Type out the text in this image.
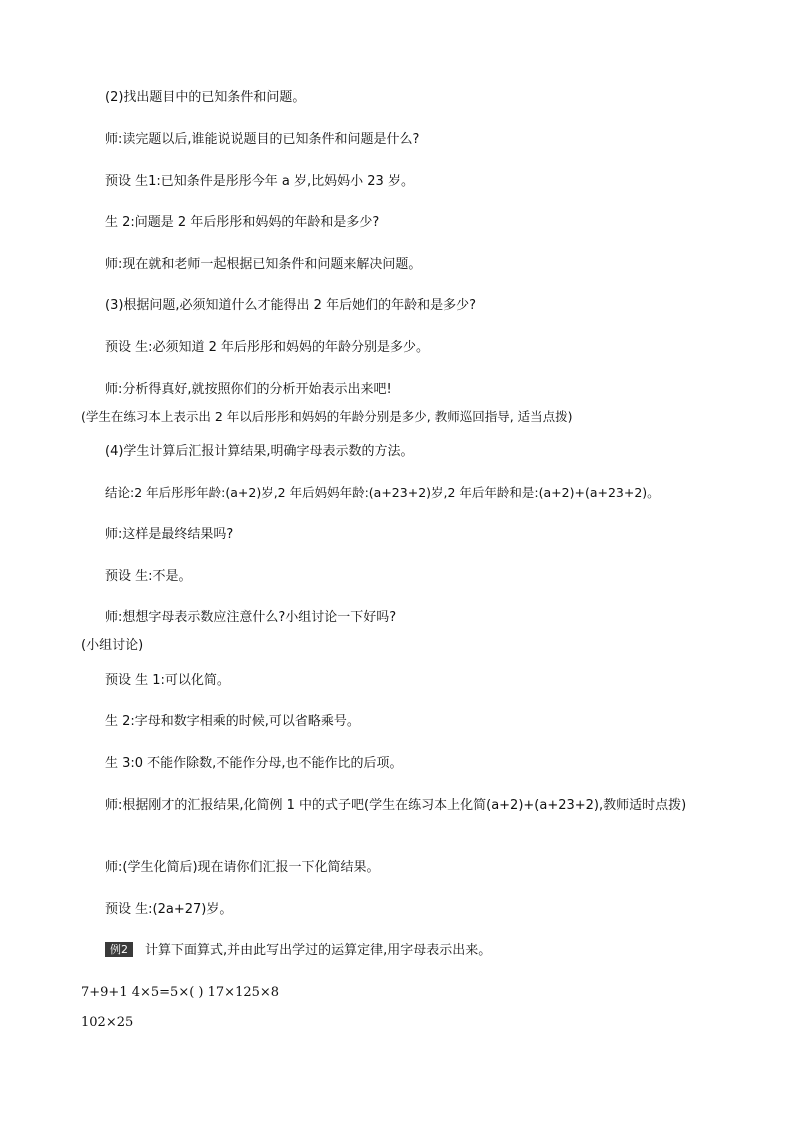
(2)找出题目中的已知条件和问题。
师:读完题以后,谁能说说题目的已知条件和问题是什么?
预设 生1:已知条件是彤彤今年 a 岁,比妈妈小 23 岁。
生 2:问题是 2 年后彤彤和妈妈的年龄和是多少?
师:现在就和老师一起根据已知条件和问题来解决问题。
(3)根据问题,必须知道什么才能得出 2 年后她们的年龄和是多少?
预设 生:必须知道 2 年后彤彤和妈妈的年龄分别是多少。
师:分析得真好,就按照你们的分析开始表示出来吧!
(学生在练习本上表示出 2 年以后彤彤和妈妈的年龄分别是多少, 教师巡回指导, 适当点拨)
(4)学生计算后汇报计算结果,明确字母表示数的方法。
结论:2 年后彤彤年龄:(a+2)岁,2 年后妈妈年龄:(a+23+2)岁,2 年后年龄和是:(a+2)+(a+23+2)。
师:这样是最终结果吗?
预设 生:不是。
师:想想字母表示数应注意什么?小组讨论一下好吗?
(小组讨论)
预设 生 1:可以化简。
生 2:字母和数字相乘的时候,可以省略乘号。
生 3:0 不能作除数,不能作分母,也不能作比的后项。
师:根据刚才的汇报结果,化简例 1 中的式子吧(学生在练习本上化简(a+2)+(a+23+2),教师适时点拨)
师:(学生化简后)现在请你们汇报一下化简结果。
预设 生:(2a+27)岁。
例2 计算下面算式,并由此写出学过的运算定律,用字母表示出来。
7+9+1 4×5=5×( ) 17×125×8
102×25
